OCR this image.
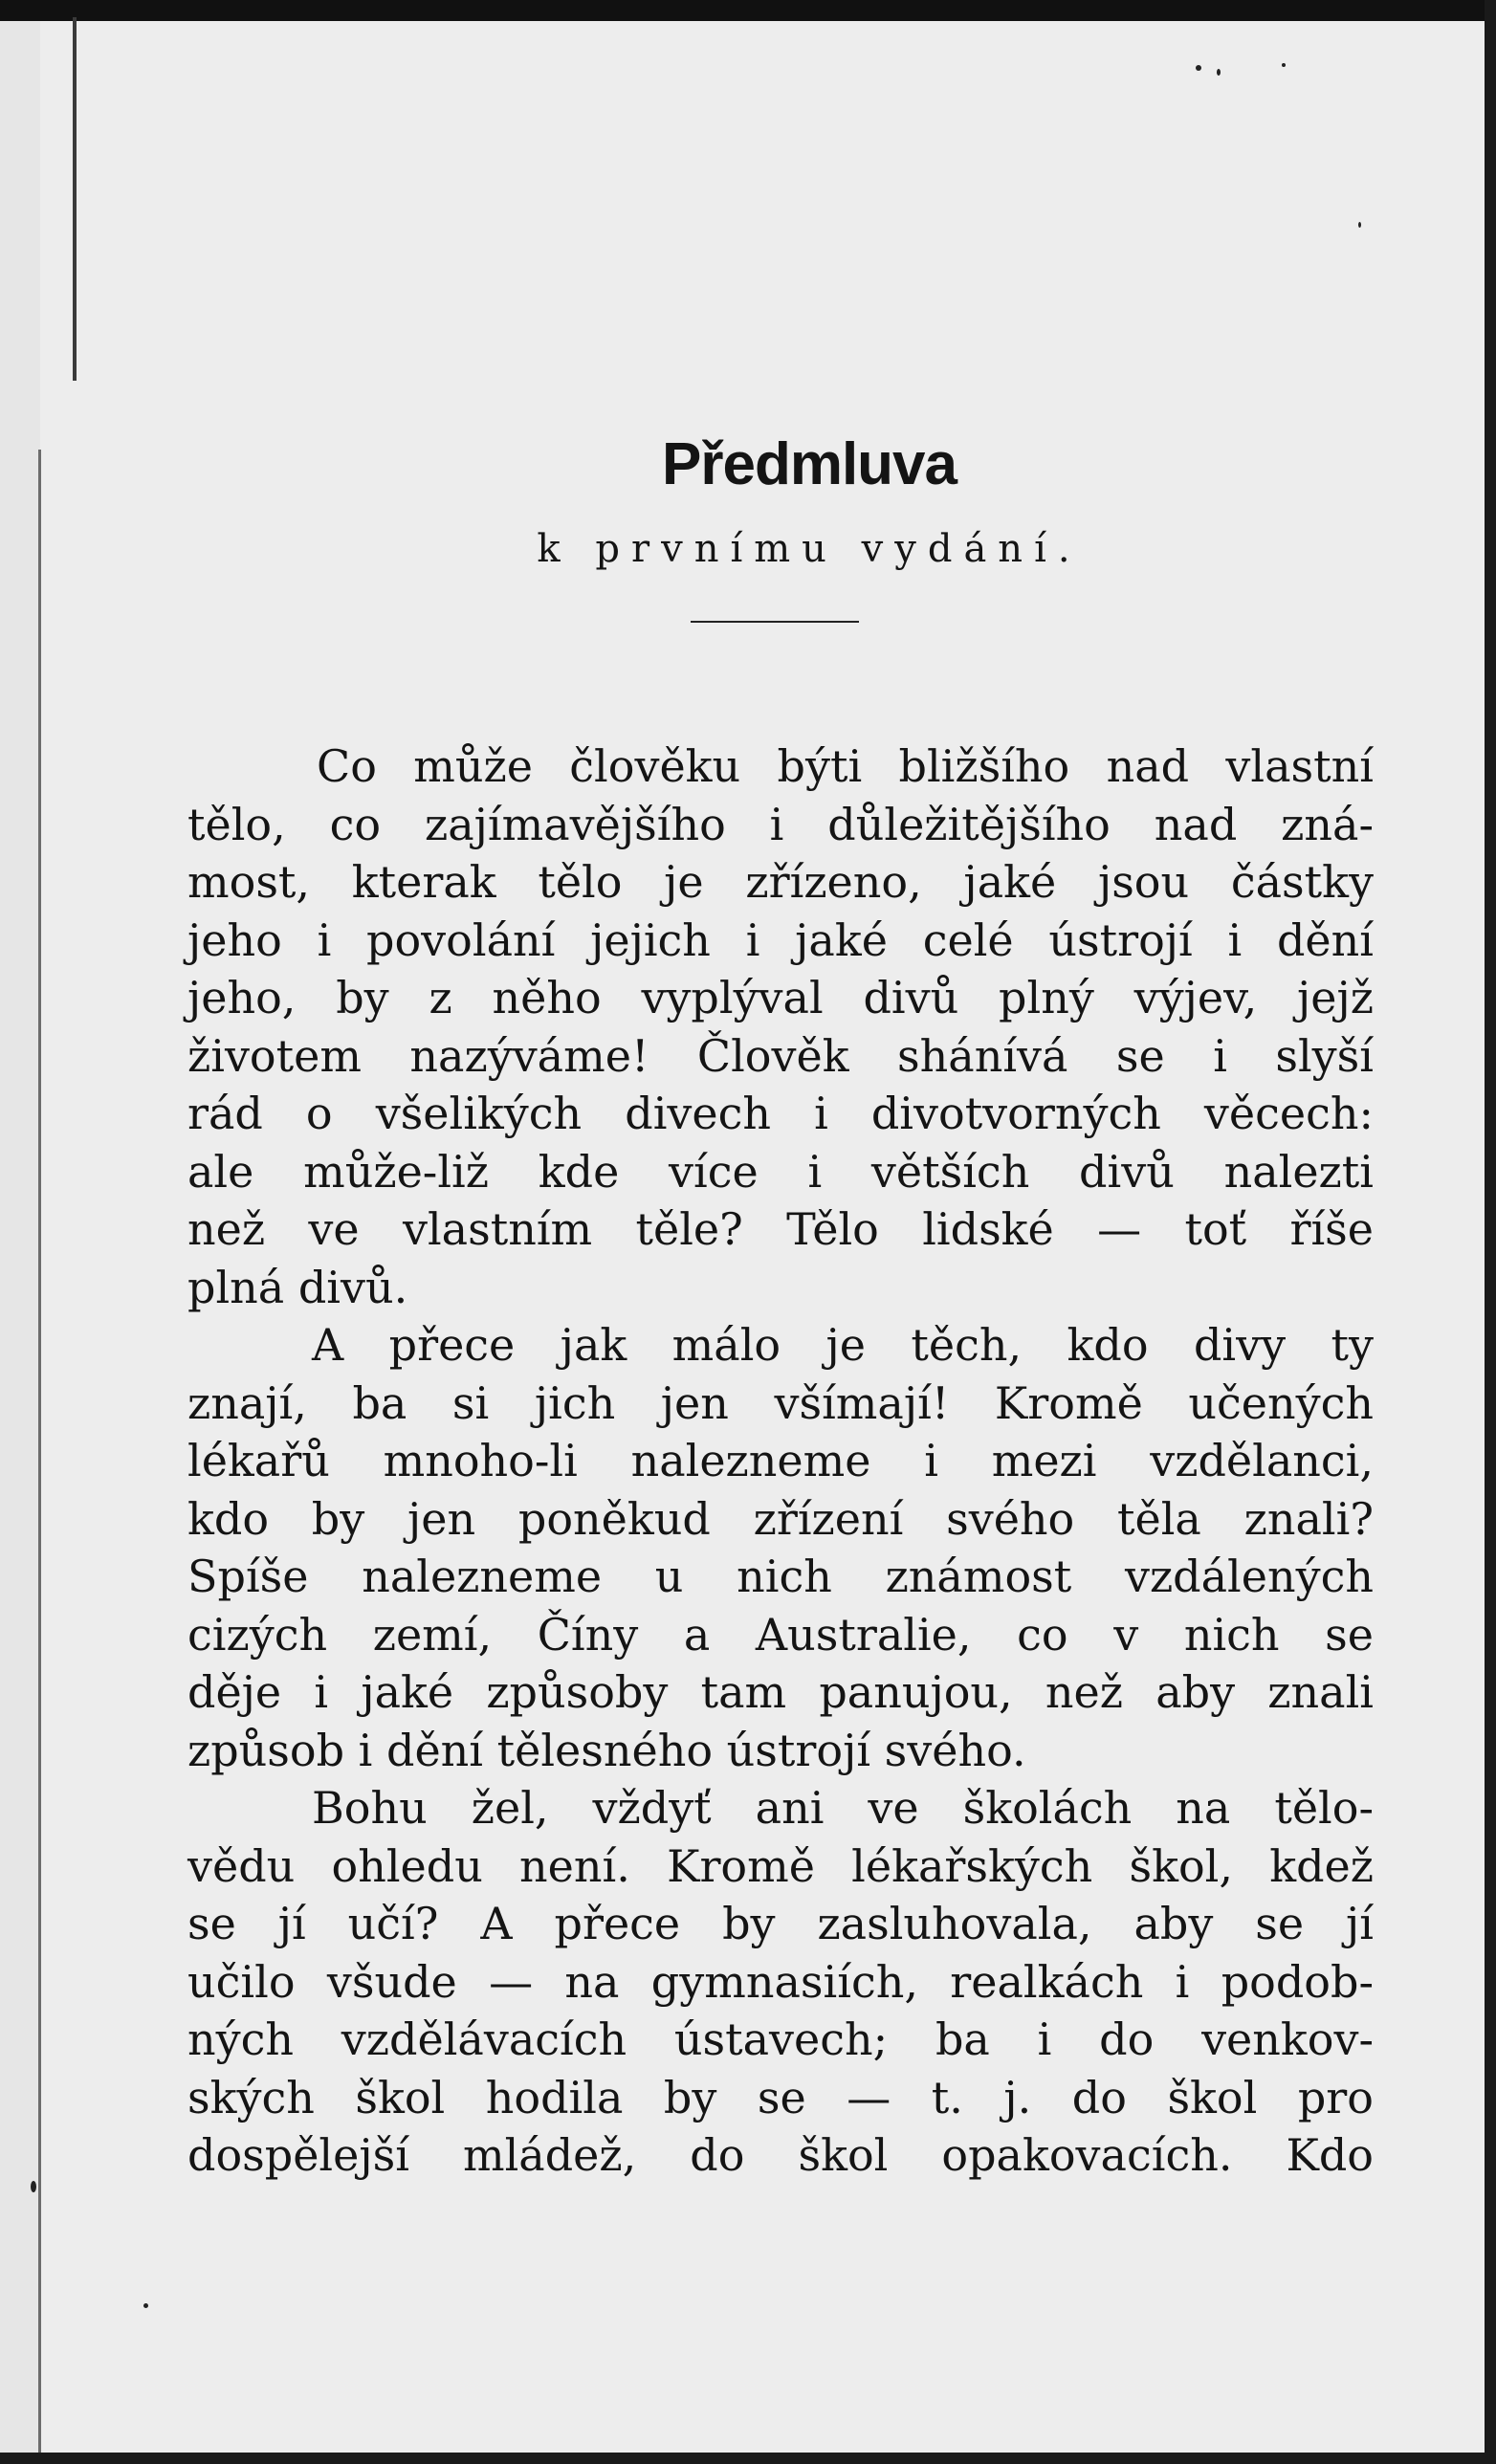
Předmluva
k prvnímu vydání.
Co může člověku býti bližšího nad vlastní
tělo, co zajímavějšího i důležitějšího nad zná-
most, kterak tělo je zřízeno, jaké jsou částky
jeho i povolání jejich i jaké celé ústrojí i dění
jeho, by z něho vyplýval divů plný výjev, jejž
životem nazýváme! Člověk shánívá se i slyší
rád o všelikých divech i divotvorných věcech:
ale může-liž kde více i větších divů nalezti
než ve vlastním těle? Tělo lidské — toť říše
plná divů.
A přece jak málo je těch, kdo divy ty
znají, ba si jich jen všímají! Kromě učených
lékařů mnoho-li nalezneme i mezi vzdělanci,
kdo by jen poněkud zřízení svého těla znali?
Spíše nalezneme u nich známost vzdálených
cizých zemí, Číny a Australie, co v nich se
děje i jaké způsoby tam panujou, než aby znali
způsob i dění tělesného ústrojí svého.
Bohu žel, vždyť ani ve školách na tělo-
vědu ohledu není. Kromě lékařských škol, kdež
se jí učí? A přece by zasluhovala, aby se jí
učilo všude — na gymnasiích, realkách i podob-
ných vzdělávacích ústavech; ba i do venkov-
ských škol hodila by se — t. j. do škol pro
dospělejší mládež, do škol opakovacích. Kdo
